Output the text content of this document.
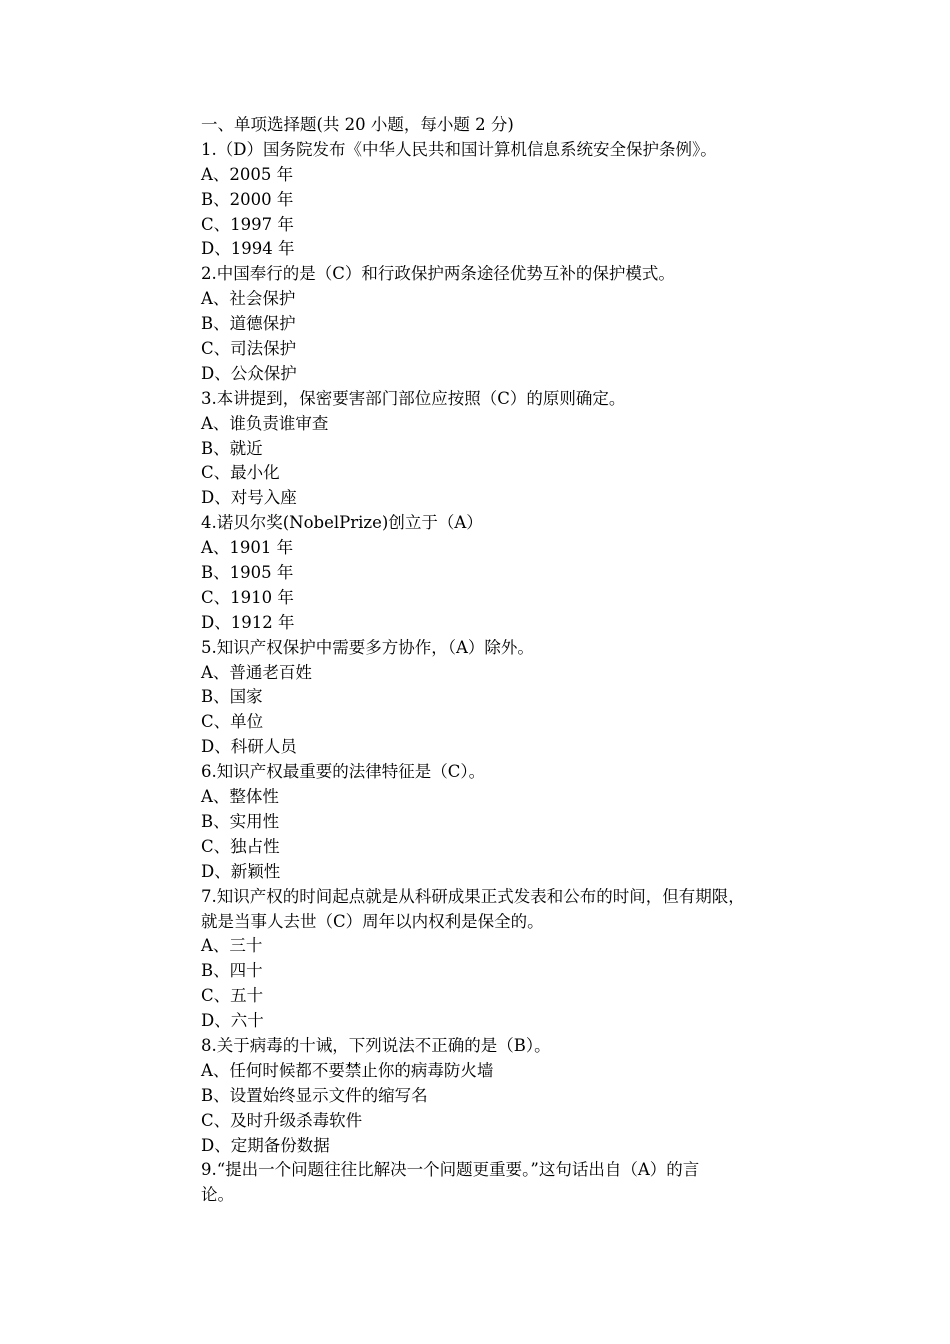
一、单项选择题(共 20 小题，每小题 2 分)
1.（D）国务院发布《中华人民共和国计算机信息系统安全保护条例》。
A、2005 年
B、2000 年
C、1997 年
D、1994 年
2.中国奉行的是（C）和行政保护两条途径优势互补的保护模式。
A、社会保护
B、道德保护
C、司法保护
D、公众保护
3.本讲提到，保密要害部门部位应按照（C）的原则确定。
A、谁负责谁审查
B、就近
C、最小化
D、对号入座
4.诺贝尔奖(NobelPrize)创立于（A）
A、1901 年
B、1905 年
C、1910 年
D、1912 年
5.知识产权保护中需要多方协作，（A）除外。
A、普通老百姓
B、国家
C、单位
D、科研人员
6.知识产权最重要的法律特征是（C）。
A、整体性
B、实用性
C、独占性
D、新颖性
7.知识产权的时间起点就是从科研成果正式发表和公布的时间，但有期限，
就是当事人去世（C）周年以内权利是保全的。
A、三十
B、四十
C、五十
D、六十
8.关于病毒的十诫，下列说法不正确的是（B）。
A、任何时候都不要禁止你的病毒防火墙
B、设置始终显示文件的缩写名
C、及时升级杀毒软件
D、定期备份数据
9.“提出一个问题往往比解决一个问题更重要。”这句话出自（A）的言
论。
